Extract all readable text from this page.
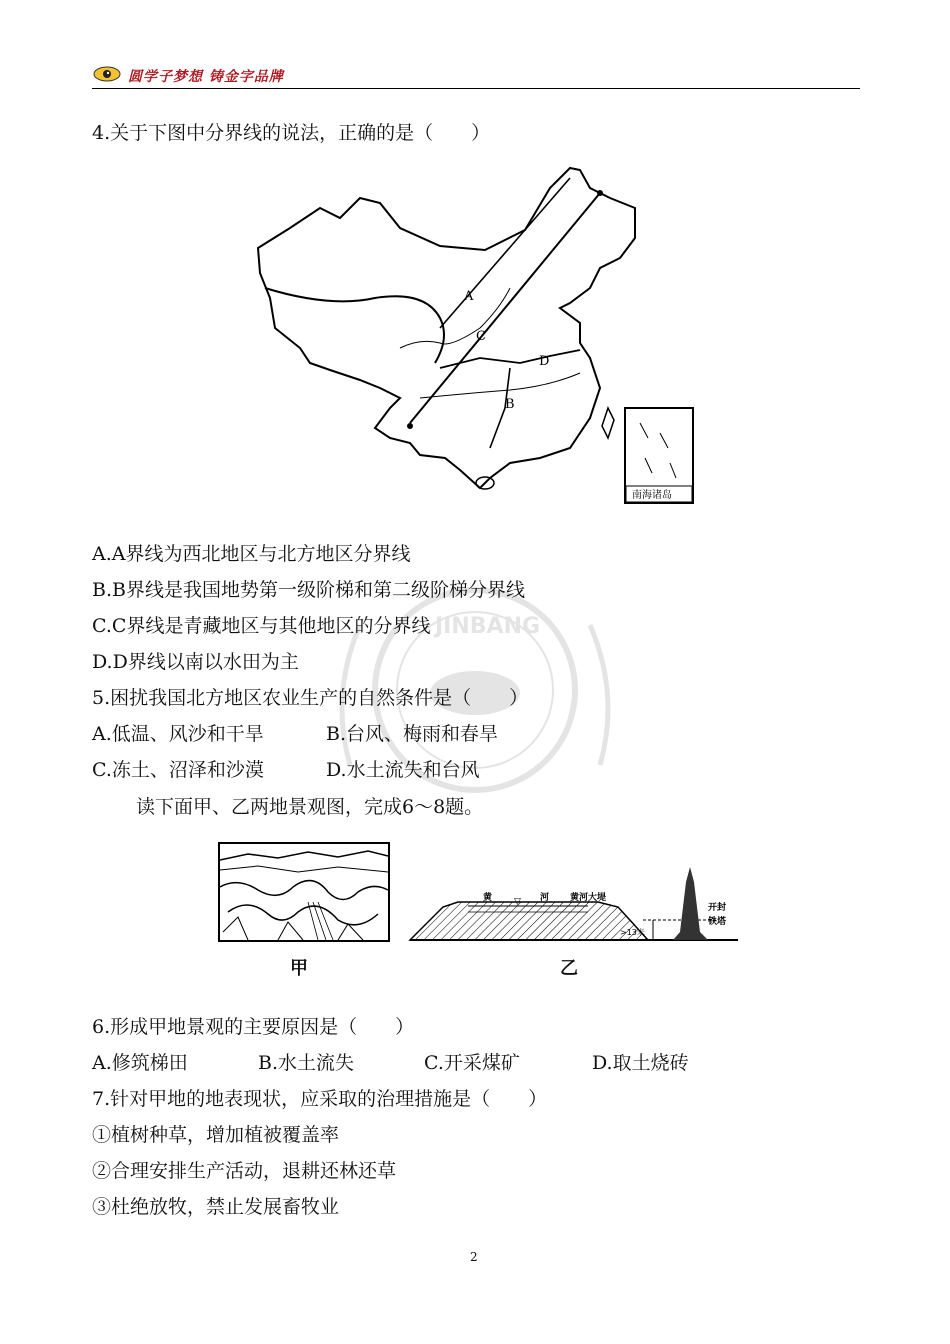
圆学子梦想 铸金字品牌
JINBANG
4.关于下图中分界线的说法，正确的是（　　）
A
B
C
D
南海诸岛
A.A界线为西北地区与北方地区分界线
B.B界线是我国地势第一级阶梯和第二级阶梯分界线
C.C界线是青藏地区与其他地区的分界线
D.D界线以南以水田为主
5.困扰我国北方地区农业生产的自然条件是（　　）
A.低温、风沙和干旱	B.台风、梅雨和春旱
C.冻土、沼泽和沙漠	D.水土流失和台风
读下面甲、乙两地景观图，完成6～8题。
甲
黄 ▽ 河 黄河大堤
>13米
开封
铁塔
乙
6.形成甲地景观的主要原因是（　　）
A.修筑梯田	B.水土流失	C.开采煤矿	D.取土烧砖
7.针对甲地的地表现状，应采取的治理措施是（　　）
①植树种草，增加植被覆盖率
②合理安排生产活动，退耕还林还草
③杜绝放牧，禁止发展畜牧业
2
